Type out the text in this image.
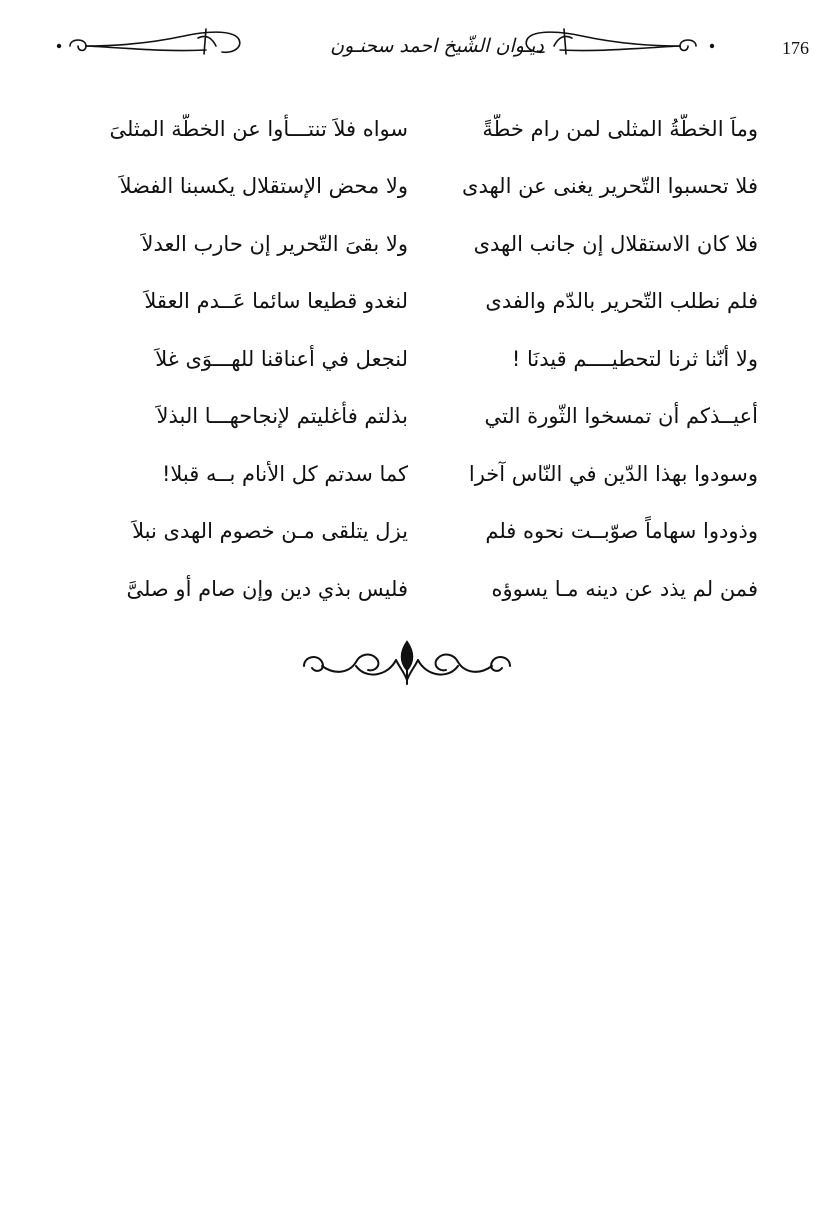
ديـوان الشّيخ احمد سحنـون	176
وماَ الخطّةُ المثلى لمن رام خطّةً
سواه فلاَ تنتـــأوا عن الخطّة المثلىَ
فلا تحسبوا التّحرير يغنى عن الهدى
ولا محض الإستقلال يكسبنا الفضلاَ
فلا كان الاستقلال إن جانب الهدى
ولا بقىَ التّحرير إن حارب العدلاَ
فلم نطلب التّحرير بالدّم والفدى
لنغدو قطيعا سائما عَــدم العقلاَ
ولا أنّنا ثرنا لتحطيــــم قيدنَا !
لنجعل في أعناقنا للهـــوَى غلاَ
أعيــذكم أن تمسخوا الثّورة التي
بذلتم فأغليتم لإنجاحهـــا البذلاَ
وسودوا بهذا الدّين في النّاس آخرا
كما سدتم كل الأنام بــه قبلا!
وذودوا سهاماً صوّبــت نحوه فلم
يزل يتلقى مـن خصوم الهدى نبلاَ
فمن لم يذد عن دينه مـا يسوؤه
فليس بذي دين وإن صام أو صلىَّ
